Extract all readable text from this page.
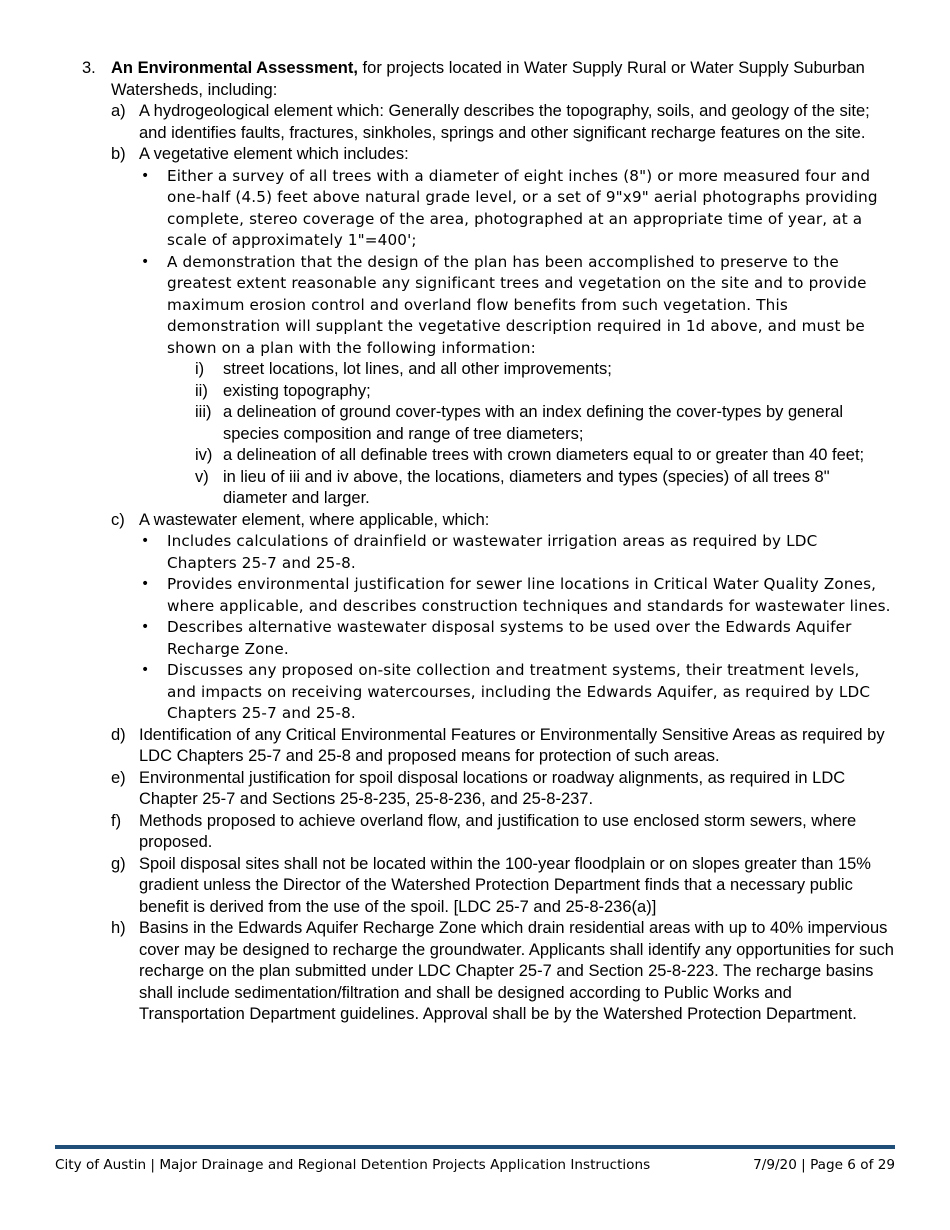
3. An Environmental Assessment, for projects located in Water Supply Rural or Water Supply Suburban Watersheds, including:
a) A hydrogeological element which: Generally describes the topography, soils, and geology of the site; and identifies faults, fractures, sinkholes, springs and other significant recharge features on the site.
b) A vegetative element which includes:
• Either a survey of all trees with a diameter of eight inches (8") or more measured four and one-half (4.5) feet above natural grade level, or a set of 9"x9" aerial photographs providing complete, stereo coverage of the area, photographed at an appropriate time of year, at a scale of approximately 1"=400';
• A demonstration that the design of the plan has been accomplished to preserve to the greatest extent reasonable any significant trees and vegetation on the site and to provide maximum erosion control and overland flow benefits from such vegetation. This demonstration will supplant the vegetative description required in 1d above, and must be shown on a plan with the following information:
i) street locations, lot lines, and all other improvements;
ii) existing topography;
iii) a delineation of ground cover-types with an index defining the cover-types by general species composition and range of tree diameters;
iv) a delineation of all definable trees with crown diameters equal to or greater than 40 feet;
v) in lieu of iii and iv above, the locations, diameters and types (species) of all trees 8" diameter and larger.
c) A wastewater element, where applicable, which:
• Includes calculations of drainfield or wastewater irrigation areas as required by LDC Chapters 25-7 and 25-8.
• Provides environmental justification for sewer line locations in Critical Water Quality Zones, where applicable, and describes construction techniques and standards for wastewater lines.
• Describes alternative wastewater disposal systems to be used over the Edwards Aquifer Recharge Zone.
• Discusses any proposed on-site collection and treatment systems, their treatment levels, and impacts on receiving watercourses, including the Edwards Aquifer, as required by LDC Chapters 25-7 and 25-8.
d) Identification of any Critical Environmental Features or Environmentally Sensitive Areas as required by LDC Chapters 25-7 and 25-8 and proposed means for protection of such areas.
e) Environmental justification for spoil disposal locations or roadway alignments, as required in LDC Chapter 25-7 and Sections 25-8-235, 25-8-236, and 25-8-237.
f) Methods proposed to achieve overland flow, and justification to use enclosed storm sewers, where proposed.
g) Spoil disposal sites shall not be located within the 100-year floodplain or on slopes greater than 15% gradient unless the Director of the Watershed Protection Department finds that a necessary public benefit is derived from the use of the spoil. [LDC 25-7 and 25-8-236(a)]
h) Basins in the Edwards Aquifer Recharge Zone which drain residential areas with up to 40% impervious cover may be designed to recharge the groundwater. Applicants shall identify any opportunities for such recharge on the plan submitted under LDC Chapter 25-7 and Section 25-8-223. The recharge basins shall include sedimentation/filtration and shall be designed according to Public Works and Transportation Department guidelines. Approval shall be by the Watershed Protection Department.
City of Austin | Major Drainage and Regional Detention Projects Application Instructions	7/9/20 | Page 6 of 29
